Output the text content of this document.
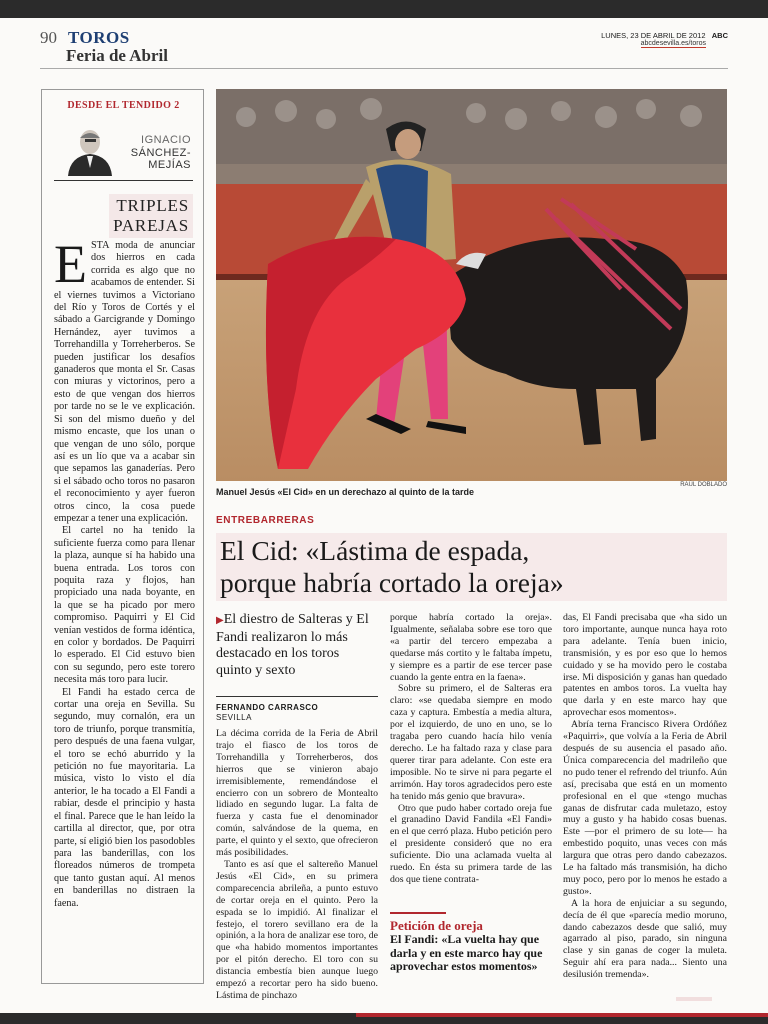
90 TOROS
Feria de Abril
LUNES, 23 DE ABRIL DE 2012 ABC
abcdesevilla.es/toros
DESDE EL TENDIDO 2
IGNACIO
SÁNCHEZ-
MEJÍAS
TRIPLES
PAREJAS

ESTA moda de anunciar dos hierros en cada corrida es algo que no acabamos de entender. Si el viernes tuvimos a Victoriano del Río y Toros de Cortés y el sábado a Garcigrande y Domingo Hernández, ayer tuvimos a Torrehandilla y Torreherberos. Se pueden justificar los desafíos ganaderos que monta el Sr. Casas con miuras y victorinos, pero a esto de que vengan dos hierros por tarde no se le ve explicación. Si son del mismo dueño y del mismo encaste, que los unan o que vengan de uno sólo, porque así es un lío que va a acabar sin que sepamos las ganaderías. Pero si el sábado ocho toros no pasaron el reconocimiento y ayer fueron otros cinco, la cosa puede empezar a tener una explicación.

El cartel no ha tenido la suficiente fuerza como para llenar la plaza, aunque sí ha habido una buena entrada. Los toros con poquita raza y flojos, han propiciado una nada boyante, en la que se ha picado por mero compromiso. Paquirri y El Cid venían vestidos de forma idéntica, en color y bordados. De Paquirri lo esperado. El Cid estuvo bien con su segundo, pero este torero necesita más toro para lucir.

El Fandi ha estado cerca de cortar una oreja en Sevilla. Su segundo, muy cornalón, era un toro de triunfo, porque transmitía, pero después de una faena vulgar, el toro se echó aburrido y la petición no fue mayoritaria. La música, visto lo visto el día anterior, le ha tocado a El Fandi a rabiar, desde el principio y hasta el final. Parece que le han leído la cartilla al director, que, por otra parte, sí eligió bien los pasodobles para las banderillas, con los floreados números de trompeta que tanto gustan aquí. Al menos en banderillas no distraen la faena.

RAÚL DOBLADO
Manuel Jesús «El Cid» en un derechazo al quinto de la tarde
ENTREBARRERAS
El Cid: «Lástima de espada,
porque habría cortado la oreja»
▶El diestro de Salteras y El Fandi realizaron lo más destacado en los toros quinto y sexto
FERNANDO CARRASCO
SEVILLA

La décima corrida de la Feria de Abril trajo el fiasco de los toros de Torrehandilla y Torreherberos, dos hierros que se vinieron abajo irremisiblemente, remendándose el encierro con un sobrero de Montealto lidiado en segundo lugar. La falta de fuerza y casta fue el denominador común, salvándose de la quema, en parte, el quinto y el sexto, que ofrecieron más posibilidades.

Tanto es así que el saltereño Manuel Jesús «El Cid», en su primera comparecencia abrileña, a punto estuvo de cortar oreja en el quinto. Pero la espada se lo impidió. Al finalizar el festejo, el torero sevillano era de la opinión, a la hora de analizar ese toro, de que «ha habido momentos importantes por el pitón derecho. El toro con su distancia embestía bien aunque luego empezó a recortar pero ha sido bueno. Lástima de pinchazo

porque habría cortado la oreja». Igualmente, señalaba sobre ese toro que «a partir del tercero empezaba a quedarse más cortito y le faltaba ímpetu, y siempre es a partir de ese tercer pase cuando la gente entra en la faena».

Sobre su primero, el de Salteras era claro: «se quedaba siempre en modo caza y captura. Embestía a media altura, por el izquierdo, de uno en uno, se lo tragaba pero cuando hacía hilo venía derecho. Le ha faltado raza y clase para querer tirar para adelante. Con este era imposible. No te sirve ni para pegarte el arrimón. Hay toros agradecidos pero este ha tenido más genio que bravura».

Otro que pudo haber cortado oreja fue el granadino David Fandila «El Fandi» en el que cerró plaza. Hubo petición pero el presidente consideró que no era suficiente. Dio una aclamada vuelta al ruedo. En ésta su primera tarde de las dos que tiene contrata-

das, El Fandi precisaba que «ha sido un toro importante, aunque nunca haya roto para adelante. Tenía buen inicio, transmisión, y es por eso que lo hemos cuidado y se ha movido pero le costaba irse. Mi disposición y ganas han quedado patentes en ambos toros. La vuelta hay que darla y en este marco hay que aprovechar esos momentos».

Abría terna Francisco Rivera Ordóñez «Paquirri», que volvía a la Feria de Abril después de su ausencia el pasado año. Única comparecencia del madrileño que no pudo tener el refrendo del triunfo. Aún así, precisaba que está en un momento profesional en el que «tengo muchas ganas de disfrutar cada muletazo, estoy muy a gusto y ha habido cosas buenas. Este —por el primero de su lote— ha embestido poquito, unas veces con más largura que otras pero dando cabezazos. Le ha faltado más transmisión, ha dicho muy poco, pero por lo menos he estado a gusto».

A la hora de enjuiciar a su segundo, decía de él que «parecía medio moruno, dando cabezazos desde que salió, muy agarrado al piso, parado, sin ninguna clase y sin ganas de coger la muleta. Seguir ahí era para nada... Siento una desilusión tremenda».

Petición de oreja
El Fandi: «La vuelta hay que darla y en este marco hay que aprovechar estos momentos»
